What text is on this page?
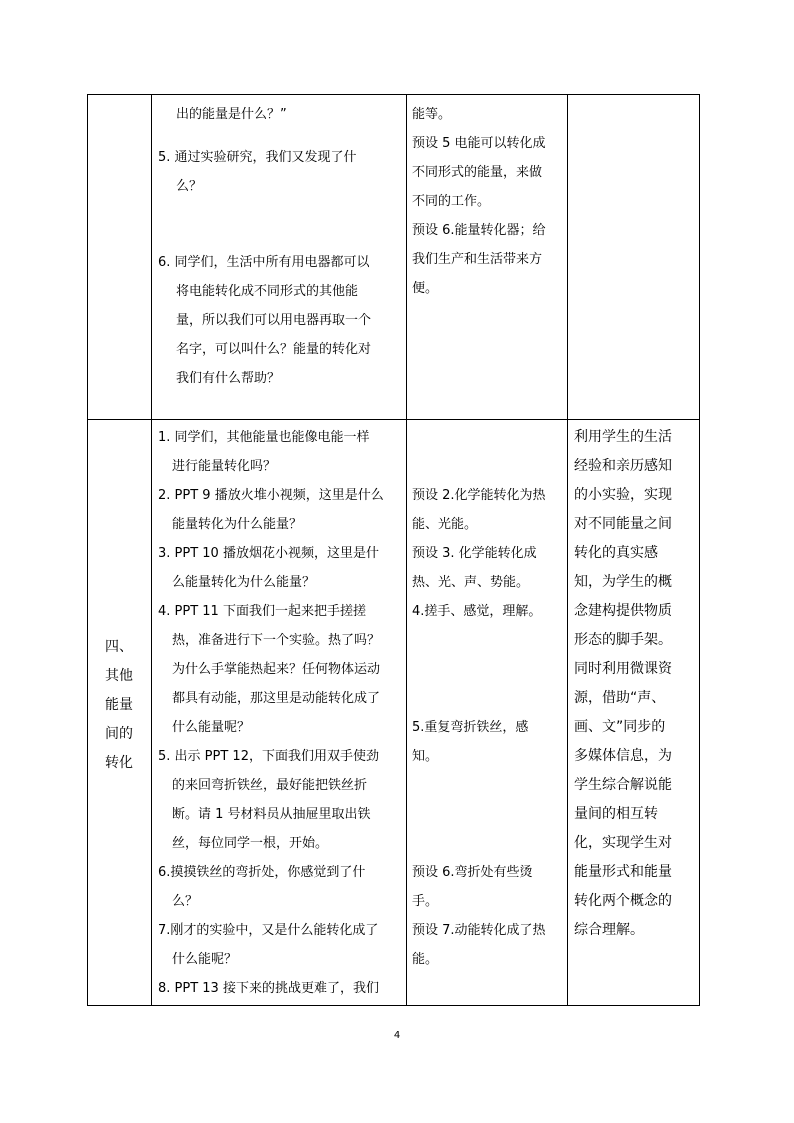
出的能量是什么？”

5. 通过实验研究，我们又发现了什

么？

6. 同学们，生活中所有用电器都可以

将电能转化成不同形式的其他能

量，所以我们可以用电器再取一个

名字，可以叫什么？能量的转化对

我们有什么帮助？

能等。

预设 5 电能可以转化成

不同形式的能量，来做

不同的工作。

预设 6.能量转化器；给

我们生产和生活带来方

便。

四、

其他

能量

间的

转化

1. 同学们，其他能量也能像电能一样

进行能量转化吗？

2. PPT 9 播放火堆小视频，这里是什么

能量转化为什么能量？

3. PPT 10 播放烟花小视频，这里是什

么能量转化为什么能量？

4. PPT 11 下面我们一起来把手搓搓

热，准备进行下一个实验。热了吗？

为什么手掌能热起来？任何物体运动

都具有动能，那这里是动能转化成了

什么能量呢？

5. 出示 PPT 12，下面我们用双手使劲

的来回弯折铁丝，最好能把铁丝折

断。请 1 号材料员从抽屉里取出铁

丝，每位同学一根，开始。

6.摸摸铁丝的弯折处，你感觉到了什

么？

7.刚才的实验中，又是什么能转化成了

什么能呢？

8. PPT 13 接下来的挑战更难了，我们

预设 2.化学能转化为热

能、光能。

预设 3. 化学能转化成

热、光、声、势能。

4.搓手、感觉，理解。

5.重复弯折铁丝，感

知。

预设 6.弯折处有些烫

手。

预设 7.动能转化成了热

能。

利用学生的生活

经验和亲历感知

的小实验，实现

对不同能量之间

转化的真实感

知，为学生的概

念建构提供物质

形态的脚手架。

同时利用微课资

源，借助“声、

画、文”同步的

多媒体信息，为

学生综合解说能

量间的相互转

化，实现学生对

能量形式和能量

转化两个概念的

综合理解。

4
